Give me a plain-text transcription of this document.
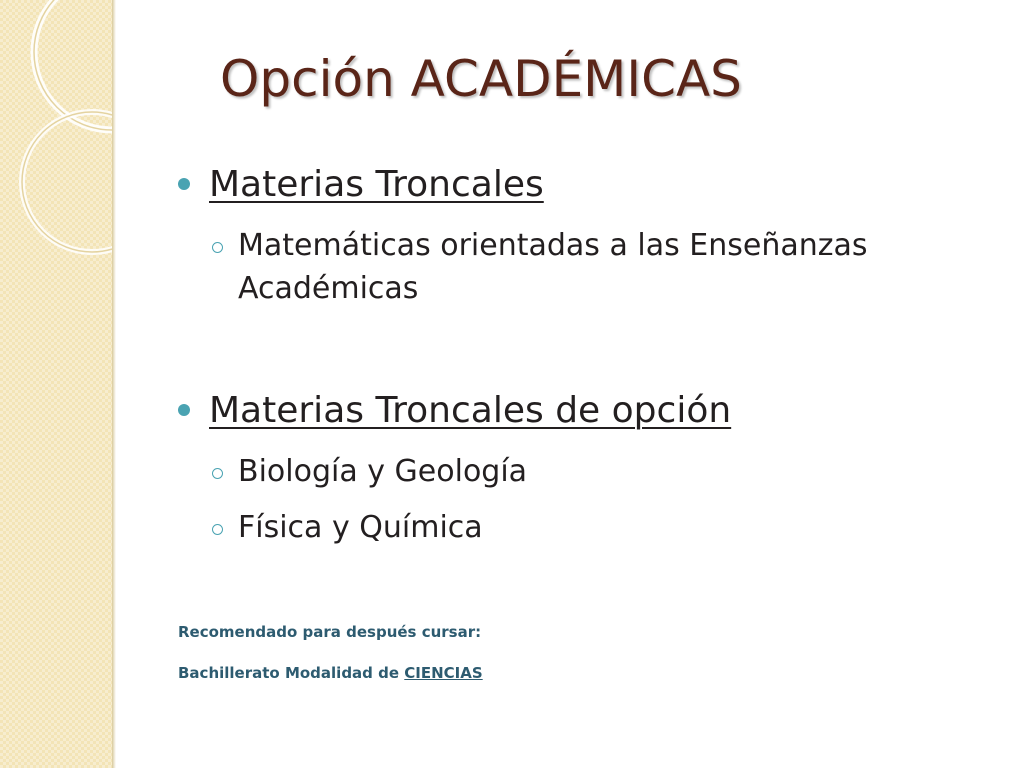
Opción ACADÉMICAS
Materias Troncales
Matemáticas orientadas a las Enseñanzas Académicas
Materias Troncales de opción
Biología y Geología
Física y Química
Recomendado para después cursar:
Bachillerato Modalidad de CIENCIAS
